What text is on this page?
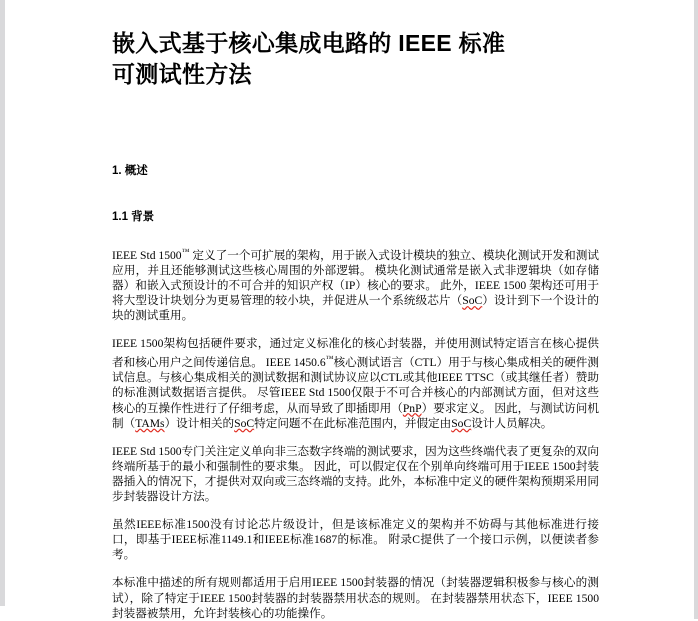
嵌入式基于核心集成电路的 IEEE 标准
可测试性方法
1. 概述
1.1 背景

IEEE Std 1500™ 定义了一个可扩展的架构，用于嵌入式设计模块的独立、模块化测试开发和测试应用，并且还能够测试这些核心周围的外部逻辑。 模块化测试通常是嵌入式非逻辑块（如存储器）和嵌入式预设计的不可合并的知识产权（IP）核心的要求。 此外，IEEE 1500 架构还可用于将大型设计块划分为更易管理的较小块，并促进从一个系统级芯片（SoC）设计到下一个设计的块的测试重用。

IEEE 1500架构包括硬件要求，通过定义标准化的核心封装器，并使用测试特定语言在核心提供者和核心用户之间传递信息。 IEEE 1450.6™核心测试语言（CTL）用于与核心集成相关的硬件测试信息。与核心集成相关的测试数据和测试协议应以CTL或其他IEEE TTSC（或其继任者）赞助的标准测试数据语言提供。 尽管IEEE Std 1500仅限于不可合并核心的内部测试方面，但对这些核心的互操作性进行了仔细考虑，从而导致了即插即用（PnP）要求定义。 因此，与测试访问机制（TAMs）设计相关的SoC特定问题不在此标准范围内，并假定由SoC设计人员解决。

IEEE Std 1500专门关注定义单向非三态数字终端的测试要求，因为这些终端代表了更复杂的双向终端所基于的最小和强制性的要求集。 因此，可以假定仅在个别单向终端可用于IEEE 1500封装器插入的情况下，才提供对双向或三态终端的支持。此外，本标准中定义的硬件架构预期采用同步封装器设计方法。

虽然IEEE标准1500没有讨论芯片级设计，但是该标准定义的架构并不妨碍与其他标准进行接口，即基于IEEE标准1149.1和IEEE标准1687的标准。 附录C提供了一个接口示例，以便读者参考。

本标准中描述的所有规则都适用于启用IEEE 1500封装器的情况（封装器逻辑积极参与核心的测试），除了特定于IEEE 1500封装器的封装器禁用状态的规则。 在封装器禁用状态下，IEEE 1500封装器被禁用，允许封装核心的功能操作。
